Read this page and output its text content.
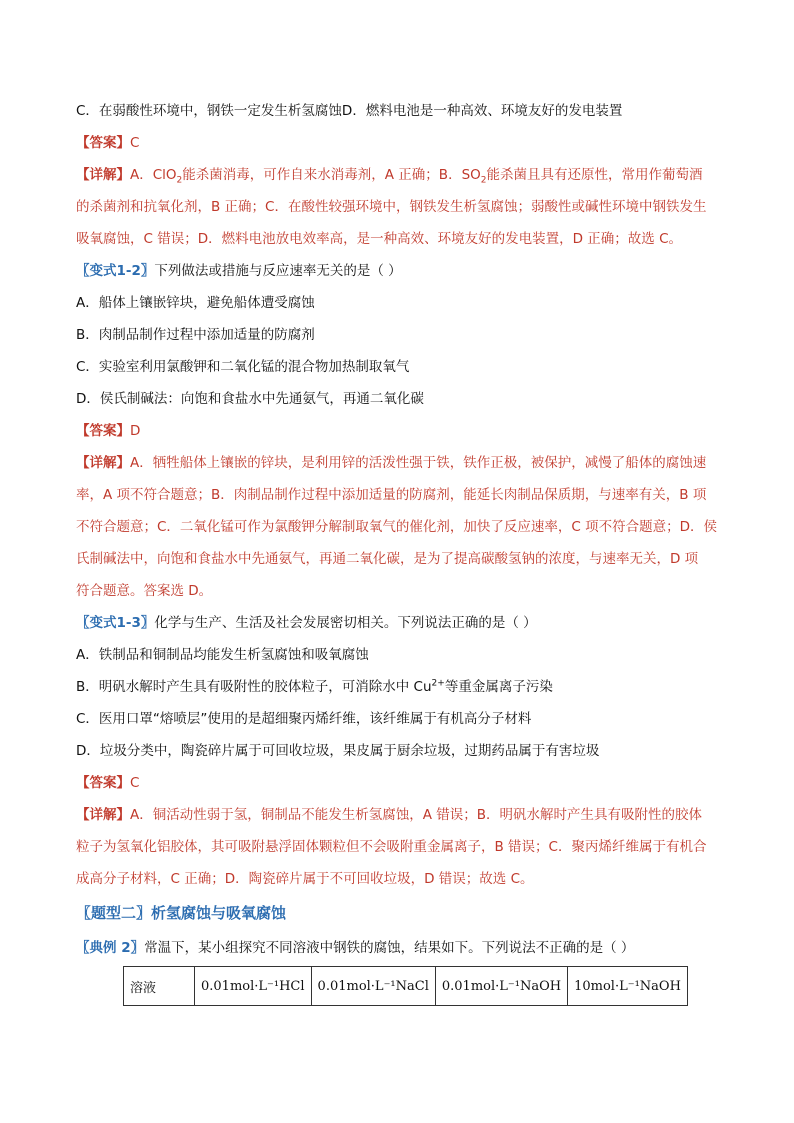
C．在弱酸性环境中，钢铁一定发生析氢腐蚀D．燃料电池是一种高效、环境友好的发电装置
【答案】C
【详解】A．ClO$_2$能杀菌消毒，可作自来水消毒剂，A 正确；B．$SO_2$能杀菌且具有还原性，常用作葡萄酒
的杀菌剂和抗氧化剂，B 正确；C．在酸性较强环境中，钢铁发生析氢腐蚀；弱酸性或碱性环境中钢铁发生
吸氧腐蚀，C 错误；D．燃料电池放电效率高，是一种高效、环境友好的发电装置，D 正确；故选 C。
〖变式1-2〗下列做法或措施与反应速率无关的是（ ）
A．船体上镶嵌锌块，避免船体遭受腐蚀
B．肉制品制作过程中添加适量的防腐剂
C．实验室利用氯酸钾和二氧化锰的混合物加热制取氧气
D．侯氏制碱法：向饱和食盐水中先通氨气，再通二氧化碳
【答案】D
【详解】A．牺牲船体上镶嵌的锌块，是利用锌的活泼性强于铁，铁作正极，被保护，减慢了船体的腐蚀速
率，A 项不符合题意；B．肉制品制作过程中添加适量的防腐剂，能延长肉制品保质期，与速率有关，B 项
不符合题意；C．二氧化锰可作为氯酸钾分解制取氧气的催化剂，加快了反应速率，C 项不符合题意；D．侯
氏制碱法中，向饱和食盐水中先通氨气，再通二氧化碳，是为了提高碳酸氢钠的浓度，与速率无关，D 项
符合题意。答案选 D。
〖变式1-3〗化学与生产、生活及社会发展密切相关。下列说法正确的是（ ）
A．铁制品和铜制品均能发生析氢腐蚀和吸氧腐蚀
B．明矾水解时产生具有吸附性的胶体粒子，可消除水中 $Cu^{2+}$等重金属离子污染
C．医用口罩“熔喷层”使用的是超细聚丙烯纤维，该纤维属于有机高分子材料
D．垃圾分类中，陶瓷碎片属于可回收垃圾，果皮属于厨余垃圾，过期药品属于有害垃圾
【答案】C
【详解】A．铜活动性弱于氢，铜制品不能发生析氢腐蚀，A 错误；B．明矾水解时产生具有吸附性的胶体
粒子为氢氧化铝胶体，其可吸附悬浮固体颗粒但不会吸附重金属离子，B 错误；C．聚丙烯纤维属于有机合
成高分子材料，C 正确；D．陶瓷碎片属于不可回收垃圾，D 错误；故选 C。
〖题型二〗析氢腐蚀与吸氧腐蚀
〖典例 2〗常温下，某小组探究不同溶液中钢铁的腐蚀，结果如下。下列说法不正确的是（ ）
溶液	0.01mol·L⁻¹HCl	0.01mol·L⁻¹NaCl	0.01mol·L⁻¹NaOH	10mol·L⁻¹NaOH
